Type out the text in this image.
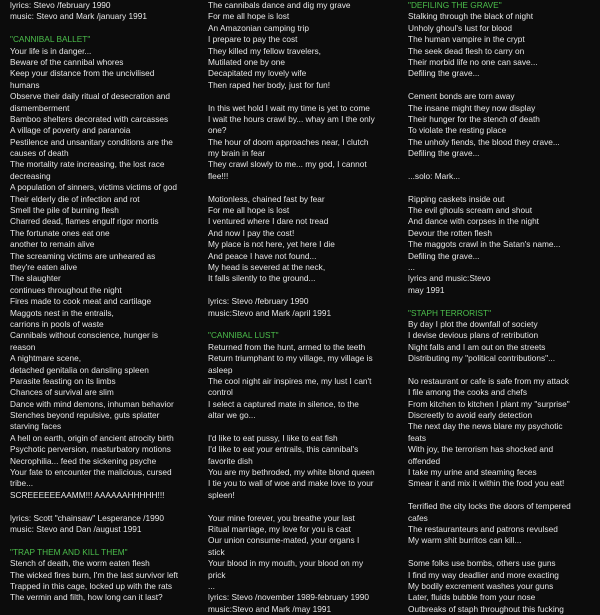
lyrics: Stevo /february 1990
music: Stevo and Mark /january 1991
"CANNIBAL BALLET"
Your life is in danger...
Beware of the cannibal whores
Keep your distance from the uncivilised
humans
Observe their daily ritual of desecration and
dismemberment
Bamboo shelters decorated with carcasses
A village of poverty and paranoia
Pestilence and unsanitary conditions are the
causes of death
The mortality rate increasing, the lost race
decreasing
A population of sinners, victims victims of god
Their elderly die of infection and rot
Smell the pile of burning flesh
Charred dead, flames engulf rigor mortis
The fortunate ones eat one
another to remain alive
The screaming victims are unheared as
they're eaten alive
The slaughter
continues throughout the night
Fires made to cook meat and cartilage
Maggots nest in the entrails,
carrions in pools of waste
Cannibals without conscience, hunger is
reason
A nightmare scene,
detached genitalia on dansling spleen
Parasite feasting on its limbs
Chances of survival are slim
Dance with mind demons, inhuman behavior
Stenches beyond repulsive, guts splatter
starving faces
A hell on earth, origin of ancient atrocity birth
Psychotic perversion, masturbatory motions
Necrophilia... feed the sickening psyche
Your fate to encounter the malicious, cursed
tribe...
SCREEEEEEAAMM!!! AAAAAAHHHHH!!!
lyrics: Scott "chainsaw" Lesperance /1990
music: Stevo and Dan /august 1991
"TRAP THEM AND KILL THEM"
Stench of death, the worm eaten flesh
The wicked fires burn, I'm the last survivor left
Trapped in this cage, locked up with the rats
The vermin and filth, how long can it last?
The cannibals dance and dig my grave
For me all hope is lost
An Amazonian camping trip
I prepare to pay the cost
They killed my fellow travelers,
Mutilated one by one
Decapitated my lovely wife
Then raped her body, just for fun!
In this wet hold I wait my time is yet to come
I wait the hours crawl by... whay am I the only
one?
The hour of doom approaches near, I clutch
my brain in fear
They crawl slowly to me... my god, I cannot
flee!!!
Motionless, chained fast by fear
For me all hope is lost
I ventured where I dare not tread
And now I pay the cost!
My place is not here, yet here I die
And peace I have not found...
My head is severed at the neck,
It falls silently to the ground...
lyrics: Stevo /february 1990
music:Stevo and Mark /april 1991
"CANNIBAL LUST"
Returned from the hunt, armed to the teeth
Return triumphant to my village, my village is
asleep
The cool night air inspires me, my lust I can't
control
I select a captured mate in silence, to the
altar we go...
I'd like to eat pussy, I like to eat fish
I'd like to eat your entrails, this cannibal's
favorite dish
You are my bethroded, my white blond queen
I tie you to wall of woe and make love to your
spleen!
Your mine forever, you breathe your last
Ritual marriage, my love for you is cast
Our union consume-mated, your organs I
stick
Your blood in my mouth, your blood on my
prick
...
lyrics: Stevo /november 1989-february 1990
music:Stevo and Mark /may 1991
"DEFILING THE GRAVE"
Stalking through the black of night
Unholy ghoul's lust for blood
The human vampire in the crypt
The seek dead flesh to carry on
Their morbid life no one can save...
Defiling the grave...
Cement bonds are torn away
The insane might they now display
Their hunger for the stench of death
To violate the resting place
The unholy fiends, the blood they crave...
Defiling the grave...
...solo: Mark...
Ripping caskets inside out
The evil ghouls scream and shout
And dance with corpses in the night
Devour the rotten flesh
The maggots crawl in the Satan's name...
Defiling the grave...
...
lyrics and music:Stevo
may 1991
"STAPH TERRORIST"
By day I plot the downfall of society
I devise devious plans of retribution
Night falls and I am out on the streets
Distributing my "political contributions"...
No restaurant or cafe is safe from my attack
I file among the cooks and chefs
From kitchen to kitchen I plant my "surprise"
Discreetly to avoid early detection
The next day the news blare my psychotic
feats
With joy, the terrorism has shocked and
offended
I take my urine and steaming feces
Smear it and mix it within the food you eat!
Terrified the city locks the doors of tempered
cafes
The restauranteurs and patrons revulsed
My warm shit burritos can kill...
Some folks use bombs, others use guns
I find my way deadlier and more exacting
My bodily excrement washes your guns
Later, fluids bubble from your nose
Outbreaks of staph throughout this fucking
